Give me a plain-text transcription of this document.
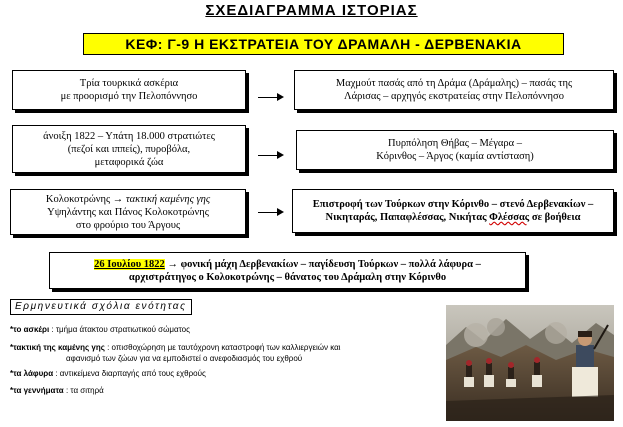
ΣΧΕΔΙΑΓΡΑΜΜΑ ΙΣΤΟΡΙΑΣ
ΚΕΦ: Γ-9 Η ΕΚΣΤΡΑΤΕΙΑ ΤΟΥ ΔΡΑΜΑΛΗ - ΔΕΡΒΕΝΑΚΙΑ
Τρία τουρκικά ασκέρια
με προορισμό την Πελοπόννησο
Μαχμούτ πασάς από τη Δράμα (Δράμαλης) – πασάς της
Λάρισας – αρχηγός εκστρατείας στην Πελοπόννησο
άνοιξη 1822 – Υπάτη 18.000 στρατιώτες
(πεζοί και ιππείς), πυροβόλα,
μεταφορικά ζώα
Πυρπόληση Θήβας – Μέγαρα –
Κόρινθος – Άργος (καμία αντίσταση)
Κολοκοτρώνης → τακτική καμένης γης
Υψηλάντης και Πάνος Κολοκοτρώνης
στο φρούριο του Άργους
Επιστροφή των Τούρκων στην Κόρινθο – στενό Δερβενακίων –
Νικηταράς, Παπαφλέσσας, Νικήτας Φλέσσας σε βοήθεια
26 Ιουλίου 1822 → φονική μάχη Δερβενακίων – παγίδευση Τούρκων – πολλά λάφυρα –
αρχιστράτηγος ο Κολοκοτρώνης – θάνατος του Δράμαλη στην Κόρινθο
Ερμηνευτικά σχόλια ενότητας
*το ασκέρι : τμήμα άτακτου στρατιωτικού σώματος
*τακτική της καμένης γης : οπισθοχώρηση με ταυτόχρονη καταστροφή των καλλιεργειών και
αφανισμό των ζώων για να εμποδιστεί ο ανεφοδιασμός του εχθρού
*τα λάφυρα : αντικείμενα διαρπαγής από τους εχθρούς
*τα γεννήματα : τα σιτηρά
